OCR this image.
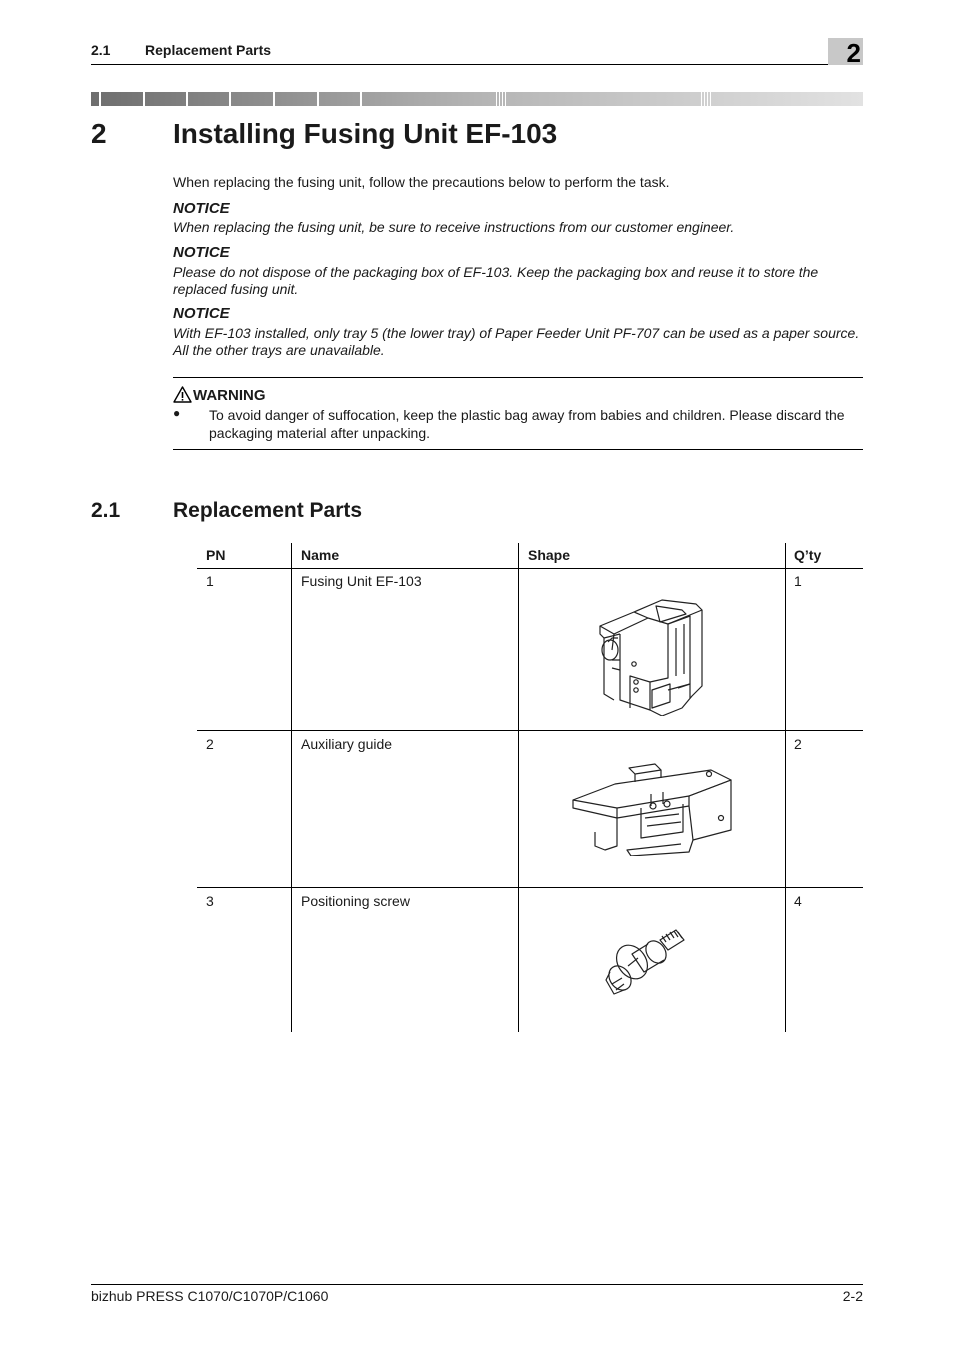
2.1 Replacement Parts	2
2 Installing Fusing Unit EF-103
When replacing the fusing unit, follow the precautions below to perform the task.
NOTICE
When replacing the fusing unit, be sure to receive instructions from our customer engineer.
NOTICE
Please do not dispose of the packaging box of EF-103. Keep the packaging box and reuse it to store the replaced fusing unit.
NOTICE
With EF-103 installed, only tray 5 (the lower tray) of Paper Feeder Unit PF-707 can be used as a paper source. All the other trays are unavailable.
WARNING
● To avoid danger of suffocation, keep the plastic bag away from babies and children. Please discard the packaging material after unpacking.
2.1	Replacement Parts
PN	Name	Shape	Q’ty
1	Fusing Unit EF-103	1
2	Auxiliary guide	2
3	Positioning screw	4
bizhub PRESS C1070/C1070P/C1060	2-2
